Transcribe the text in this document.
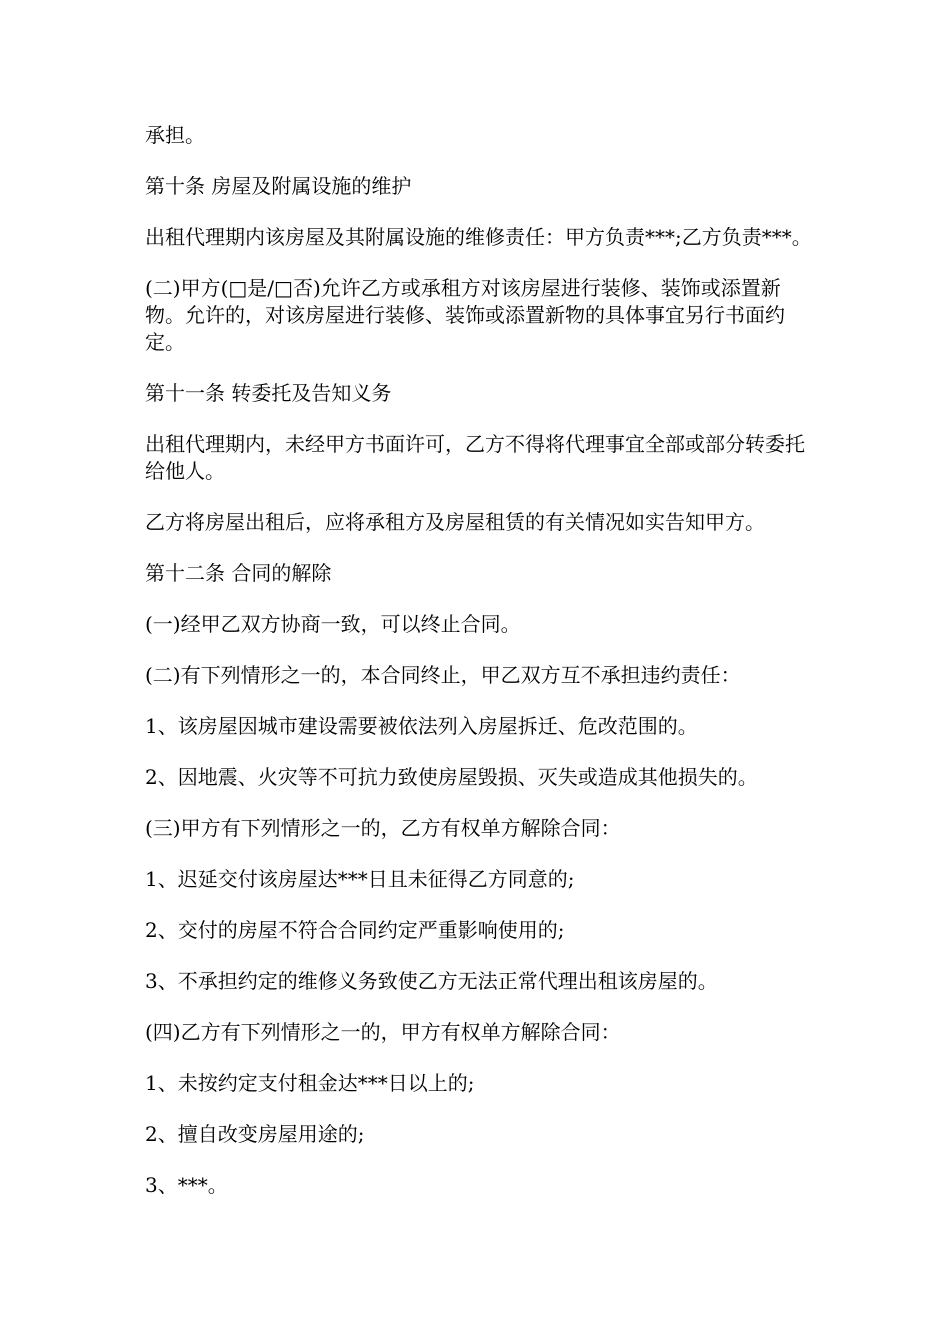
承担。

第十条 房屋及附属设施的维护

出租代理期内该房屋及其附属设施的维修责任：甲方负责***;乙方负责***。

(二)甲方(□是/□否)允许乙方或承租方对该房屋进行装修、装饰或添置新物。允许的，对该房屋进行装修、装饰或添置新物的具体事宜另行书面约定。

第十一条 转委托及告知义务

出租代理期内，未经甲方书面许可，乙方不得将代理事宜全部或部分转委托给他人。

乙方将房屋出租后，应将承租方及房屋租赁的有关情况如实告知甲方。

第十二条 合同的解除

(一)经甲乙双方协商一致，可以终止合同。

(二)有下列情形之一的，本合同终止，甲乙双方互不承担违约责任：

1、该房屋因城市建设需要被依法列入房屋拆迁、危改范围的。

2、因地震、火灾等不可抗力致使房屋毁损、灭失或造成其他损失的。

(三)甲方有下列情形之一的，乙方有权单方解除合同：

1、迟延交付该房屋达***日且未征得乙方同意的;

2、交付的房屋不符合合同约定严重影响使用的;

3、不承担约定的维修义务致使乙方无法正常代理出租该房屋的。

(四)乙方有下列情形之一的，甲方有权单方解除合同：

1、未按约定支付租金达***日以上的;

2、擅自改变房屋用途的;

3、***。
